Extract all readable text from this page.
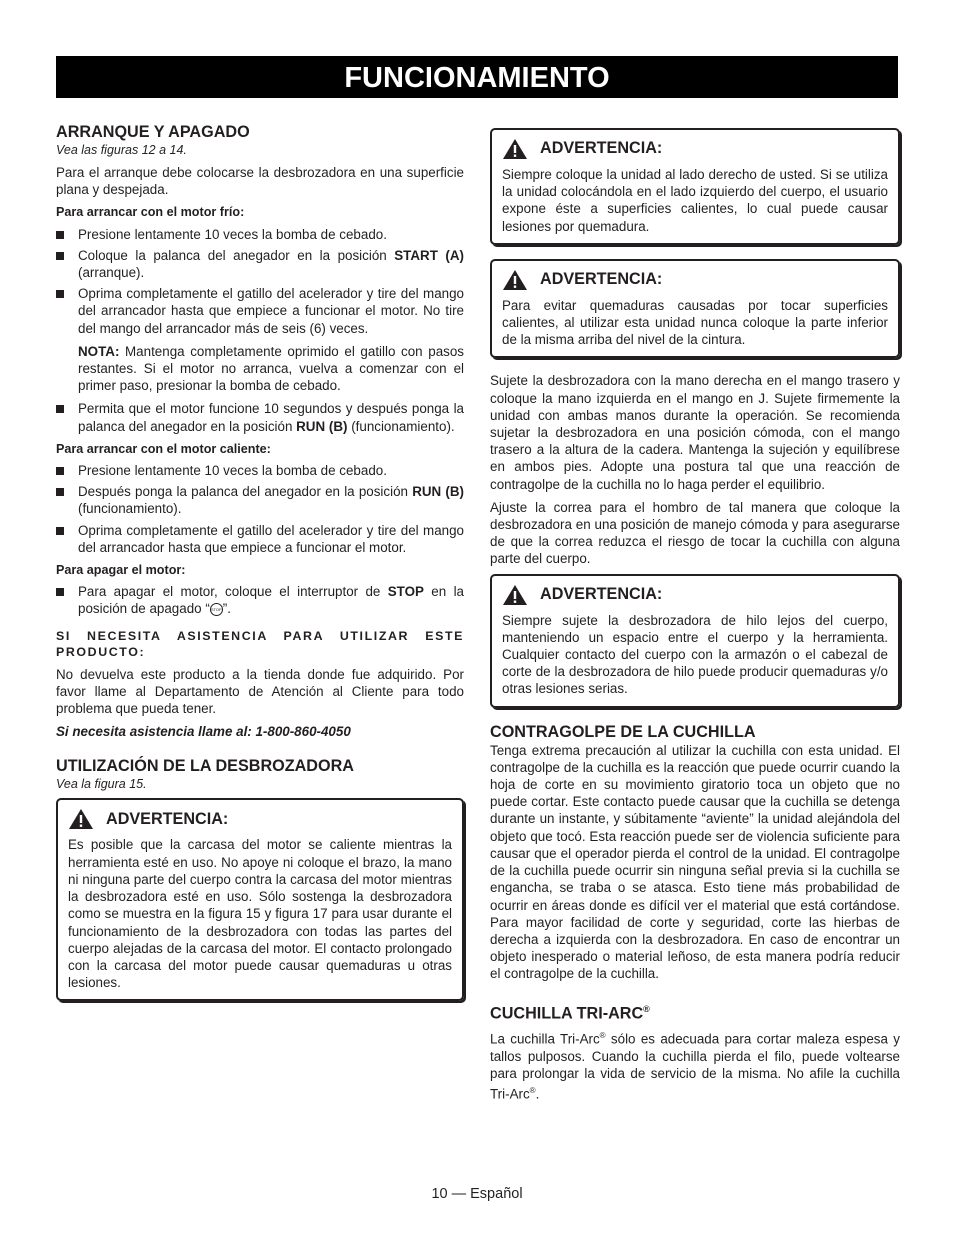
FUNCIONAMIENTO
ARRANQUE Y APAGADO
Vea las figuras 12 a 14.

Para el arranque debe colocarse la desbrozadora en una superficie plana y despejada.

Para arrancar con el motor frío:
Presione lentamente 10 veces la bomba de cebado.
Coloque la palanca del anegador en la posición START (A) (arranque).
Oprima completamente el gatillo del acelerador y tire del mango del arrancador hasta que empiece a funcionar el motor. No tire del mango del arrancador más de seis (6) veces.
NOTA: Mantenga completamente oprimido el gatillo con pasos restantes. Si el motor no arranca, vuelva a comenzar con el primer paso, presionar la bomba de cebado.
Permita que el motor funcione 10 segundos y después ponga la palanca del anegador en la posición RUN (B) (funcionamiento).
Para arrancar con el motor caliente:
Presione lentamente 10 veces la bomba de cebado.
Después ponga la palanca del anegador en la posición RUN (B) (funcionamiento).
Oprima completamente el gatillo del acelerador y tire del mango del arrancador hasta que empiece a funcionar el motor.
Para apagar el motor:
Para apagar el motor, coloque el interruptor de STOP en la posición de apagado “STOP”.
SI NECESITA ASISTENCIA PARA UTILIZAR ESTE PRODUCTO:

No devuelva este producto a la tienda donde fue adquirido. Por favor llame al Departamento de Atención al Cliente para todo problema que pueda tener.

Si necesita asistencia llame al: 1-800-860-4050
UTILIZACIÓN DE LA DESBROZADORA
Vea la figura 15.
ADVERTENCIA:

Es posible que la carcasa del motor se caliente mientras la herramienta esté en uso. No apoye ni coloque el brazo, la mano ni ninguna parte del cuerpo contra la carcasa del motor mientras la desbrozadora esté en uso. Sólo sostenga la desbrozadora como se muestra en la figura 15 y figura 17 para usar durante el funcionamiento de la desbrozadora con todas las partes del cuerpo alejadas de la carcasa del motor. El contacto prolongado con la carcasa del motor puede causar quemaduras u otras lesiones.

ADVERTENCIA:

Siempre coloque la unidad al lado derecho de usted. Si se utiliza la unidad colocándola en el lado izquierdo del cuerpo, el usuario expone éste a superficies calientes, lo cual puede causar lesiones por quemadura.

ADVERTENCIA:

Para evitar quemaduras causadas por tocar superficies calientes, al utilizar esta unidad nunca coloque la parte inferior de la misma arriba del nivel de la cintura.

Sujete la desbrozadora con la mano derecha en el mango trasero y coloque la mano izquierda en el mango en J. Sujete firmemente la unidad con ambas manos durante la operación. Se recomienda sujetar la desbrozadora en una posición cómoda, con el mango trasero a la altura de la cadera. Mantenga la sujeción y equilíbrese en ambos pies. Adopte una postura tal que una reacción de contragolpe de la cuchilla no lo haga perder el equilibrio.

Ajuste la correa para el hombro de tal manera que coloque la desbrozadora en una posición de manejo cómoda y para asegurarse de que la correa reduzca el riesgo de tocar la cuchilla con alguna parte del cuerpo.

ADVERTENCIA:

Siempre sujete la desbrozadora de hilo lejos del cuerpo, manteniendo un espacio entre el cuerpo y la herramienta. Cualquier contacto del cuerpo con la armazón o el cabezal de corte de la desbrozadora de hilo puede producir quemaduras y/o otras lesiones serias.

CONTRAGOLPE DE LA CUCHILLA

Tenga extrema precaución al utilizar la cuchilla con esta unidad. El contragolpe de la cuchilla es la reacción que puede ocurrir cuando la hoja de corte en su movimiento giratorio toca un objeto que no puede cortar. Este contacto puede causar que la cuchilla se detenga durante un instante, y súbitamente “aviente” la unidad alejándola del objeto que tocó. Esta reacción puede ser de violencia suficiente para causar que el operador pierda el control de la unidad. El contragolpe de la cuchilla puede ocurrir sin ninguna señal previa si la cuchilla se engancha, se traba o se atasca. Esto tiene más probabilidad de ocurrir en áreas donde es difícil ver el material que está cortándose. Para mayor facilidad de corte y seguridad, corte las hierbas de derecha a izquierda con la desbrozadora. En caso de encontrar un objeto inesperado o material leñoso, de esta manera podría reducir el contragolpe de la cuchilla.

CUCHILLA TRI-ARC®

La cuchilla Tri-Arc® sólo es adecuada para cortar maleza espesa y tallos pulposos. Cuando la cuchilla pierda el filo, puede voltearse para prolongar la vida de servicio de la misma. No afile la cuchilla Tri-Arc®.

10 — Español
